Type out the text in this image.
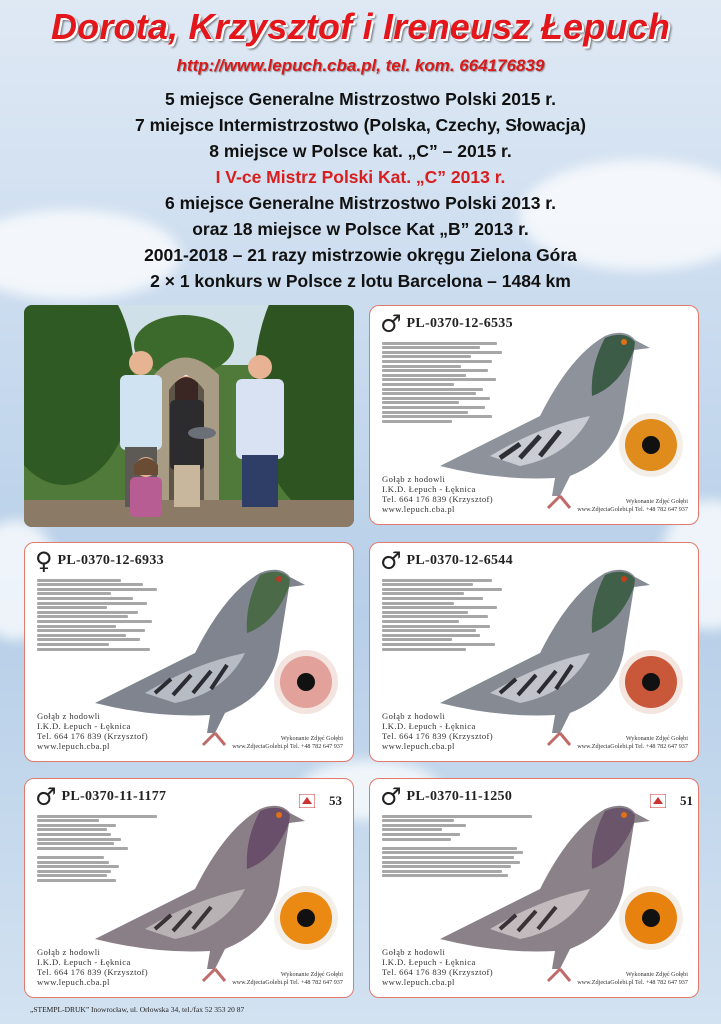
Dorota, Krzysztof i Ireneusz Łepuch
http://www.lepuch.cba.pl, tel. kom. 664176839
5 miejsce Generalne Mistrzostwo Polski 2015 r.
7 miejsce Intermistrzostwo (Polska, Czechy, Słowacja)
8 miejsce w Polsce kat. „C” – 2015 r.
I V-ce Mistrz Polski Kat. „C” 2013 r.
6 miejsce Generalne Mistrzostwo Polski 2013 r.
oraz 18 miejsce w Polsce Kat „B” 2013 r.
2001-2018 – 21 razy mistrzowie okręgu Zielona Góra
2 × 1 konkurs w Polsce z lotu Barcelona – 1484 km
♂ PL-0370-12-6535
Gołąb z hodowli
I.K.D. Łepuch - Łęknica
Tel. 664 176 839 (Krzysztof)
www.lepuch.cba.pl
Wykonanie Zdjęć Gołębi
www.ZdjeciaGolebi.pl Tel. +48 782 647 937
♀ PL-0370-12-6933
Gołąb z hodowli
I.K.D. Łepuch - Łęknica
Tel. 664 176 839 (Krzysztof)
www.lepuch.cba.pl
Wykonanie Zdjęć Gołębi
www.ZdjeciaGolebi.pl Tel. +48 782 647 937
♂ PL-0370-12-6544
Gołąb z hodowli
I.K.D. Łepuch - Łęknica
Tel. 664 176 839 (Krzysztof)
www.lepuch.cba.pl
Wykonanie Zdjęć Gołębi
www.ZdjeciaGolebi.pl Tel. +48 782 647 937
♂ PL-0370-11-1177	53
Gołąb z hodowli
I.K.D. Łepuch - Łęknica
Tel. 664 176 839 (Krzysztof)
www.lepuch.cba.pl
Wykonanie Zdjęć Gołębi
www.ZdjeciaGolebi.pl Tel. +48 782 647 937
♂ PL-0370-11-1250	51
Gołąb z hodowli
I.K.D. Łepuch - Łęknica
Tel. 664 176 839 (Krzysztof)
www.lepuch.cba.pl
Wykonanie Zdjęć Gołębi
www.ZdjeciaGolebi.pl Tel. +48 782 647 937
„STEMPL-DRUK” Inowrocław, ul. Orłowska 34, tel./fax 52 353 20 87
